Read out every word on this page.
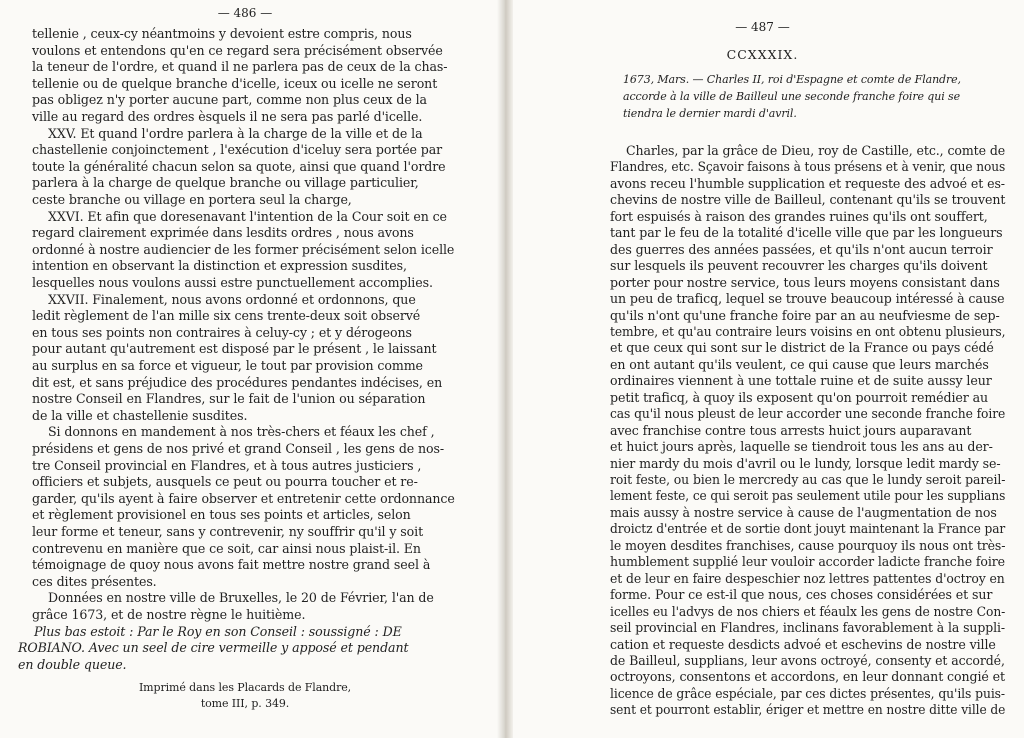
— 486 —
tellenie , ceux-cy néantmoins y devoient estre compris, nous
voulons et entendons qu'en ce regard sera précisément observée
la teneur de l'ordre, et quand il ne parlera pas de ceux de la chas-
tellenie ou de quelque branche d'icelle, iceux ou icelle ne seront
pas obligez n'y porter aucune part, comme non plus ceux de la
ville au regard des ordres èsquels il ne sera pas parlé d'icelle.
XXV. Et quand l'ordre parlera à la charge de la ville et de la
chastellenie conjoinctement , l'exécution d'iceluy sera portée par
toute la généralité chacun selon sa quote, ainsi que quand l'ordre
parlera à la charge de quelque branche ou village particulier,
ceste branche ou village en portera seul la charge,
XXVI. Et afin que doresenavant l'intention de la Cour soit en ce
regard clairement exprimée dans lesdits ordres , nous avons
ordonné à nostre audiencier de les former précisément selon icelle
intention en observant la distinction et expression susdites,
lesquelles nous voulons aussi estre punctuellement accomplies.
XXVII. Finalement, nous avons ordonné et ordonnons, que
ledit règlement de l'an mille six cens trente-deux soit observé
en tous ses points non contraires à celuy-cy ; et y dérogeons
pour autant qu'autrement est disposé par le présent , le laissant
au surplus en sa force et vigueur, le tout par provision comme
dit est, et sans préjudice des procédures pendantes indécises, en
nostre Conseil en Flandres, sur le fait de l'union ou séparation
de la ville et chastellenie susdites.
Si donnons en mandement à nos très-chers et féaux les chef ,
présidens et gens de nos privé et grand Conseil , les gens de nos-
tre Conseil provincial en Flandres, et à tous autres justiciers ,
officiers et subjets, ausquels ce peut ou pourra toucher et re-
garder, qu'ils ayent à faire observer et entretenir cette ordonnance
et règlement provisionel en tous ses points et articles, selon
leur forme et teneur, sans y contrevenir, ny souffrir qu'il y soit
contrevenu en manière que ce soit, car ainsi nous plaist-il. En
témoignage de quoy nous avons fait mettre nostre grand seel à
ces dites présentes.
Données en nostre ville de Bruxelles, le 20 de Février, l'an de
grâce 1673, et de nostre règne le huitième.
Plus bas estoit : Par le Roy en son Conseil : soussigné : DE
ROBIANO. Avec un seel de cire vermeille y apposé et pendant
en double queue.
Imprimé dans les Placards de Flandre,
tome III, p. 349.
— 487 —
CCXXXIX.
1673, Mars. — Charles II, roi d'Espagne et comte de Flandre,
accorde à la ville de Bailleul une seconde franche foire qui se
tiendra le dernier mardi d'avril.
Charles, par la grâce de Dieu, roy de Castille, etc., comte de
Flandres, etc. Sçavoir faisons à tous présens et à venir, que nous
avons receu l'humble supplication et requeste des advoé et es-
chevins de nostre ville de Bailleul, contenant qu'ils se trouvent
fort espuisés à raison des grandes ruines qu'ils ont souffert,
tant par le feu de la totalité d'icelle ville que par les longueurs
des guerres des années passées, et qu'ils n'ont aucun terroir
sur lesquels ils peuvent recouvrer les charges qu'ils doivent
porter pour nostre service, tous leurs moyens consistant dans
un peu de traficq, lequel se trouve beaucoup intéressé à cause
qu'ils n'ont qu'une franche foire par an au neufviesme de sep-
tembre, et qu'au contraire leurs voisins en ont obtenu plusieurs,
et que ceux qui sont sur le district de la France ou pays cédé
en ont autant qu'ils veulent, ce qui cause que leurs marchés
ordinaires viennent à une tottale ruine et de suite aussy leur
petit traficq, à quoy ils exposent qu'on pourroit remédier au
cas qu'il nous pleust de leur accorder une seconde franche foire
avec franchise contre tous arrests huict jours auparavant
et huict jours après, laquelle se tiendroit tous les ans au der-
nier mardy du mois d'avril ou le lundy, lorsque ledit mardy se-
roit feste, ou bien le mercredy au cas que le lundy seroit pareil-
lement feste, ce qui seroit pas seulement utile pour les supplians
mais aussy à nostre service à cause de l'augmentation de nos
droictz d'entrée et de sortie dont jouyt maintenant la France par
le moyen desdites franchises, cause pourquoy ils nous ont très-
humblement supplié leur vouloir accorder ladicte franche foire
et de leur en faire despeschier noz lettres pattentes d'octroy en
forme. Pour ce est-il que nous, ces choses considérées et sur
icelles eu l'advys de nos chiers et féaulx les gens de nostre Con-
seil provincial en Flandres, inclinans favorablement à la suppli-
cation et requeste desdicts advoé et eschevins de nostre ville
de Bailleul, supplians, leur avons octroyé, consenty et accordé,
octroyons, consentons et accordons, en leur donnant congié et
licence de grâce espéciale, par ces dictes présentes, qu'ils puis-
sent et pourront establir, ériger et mettre en nostre ditte ville de
